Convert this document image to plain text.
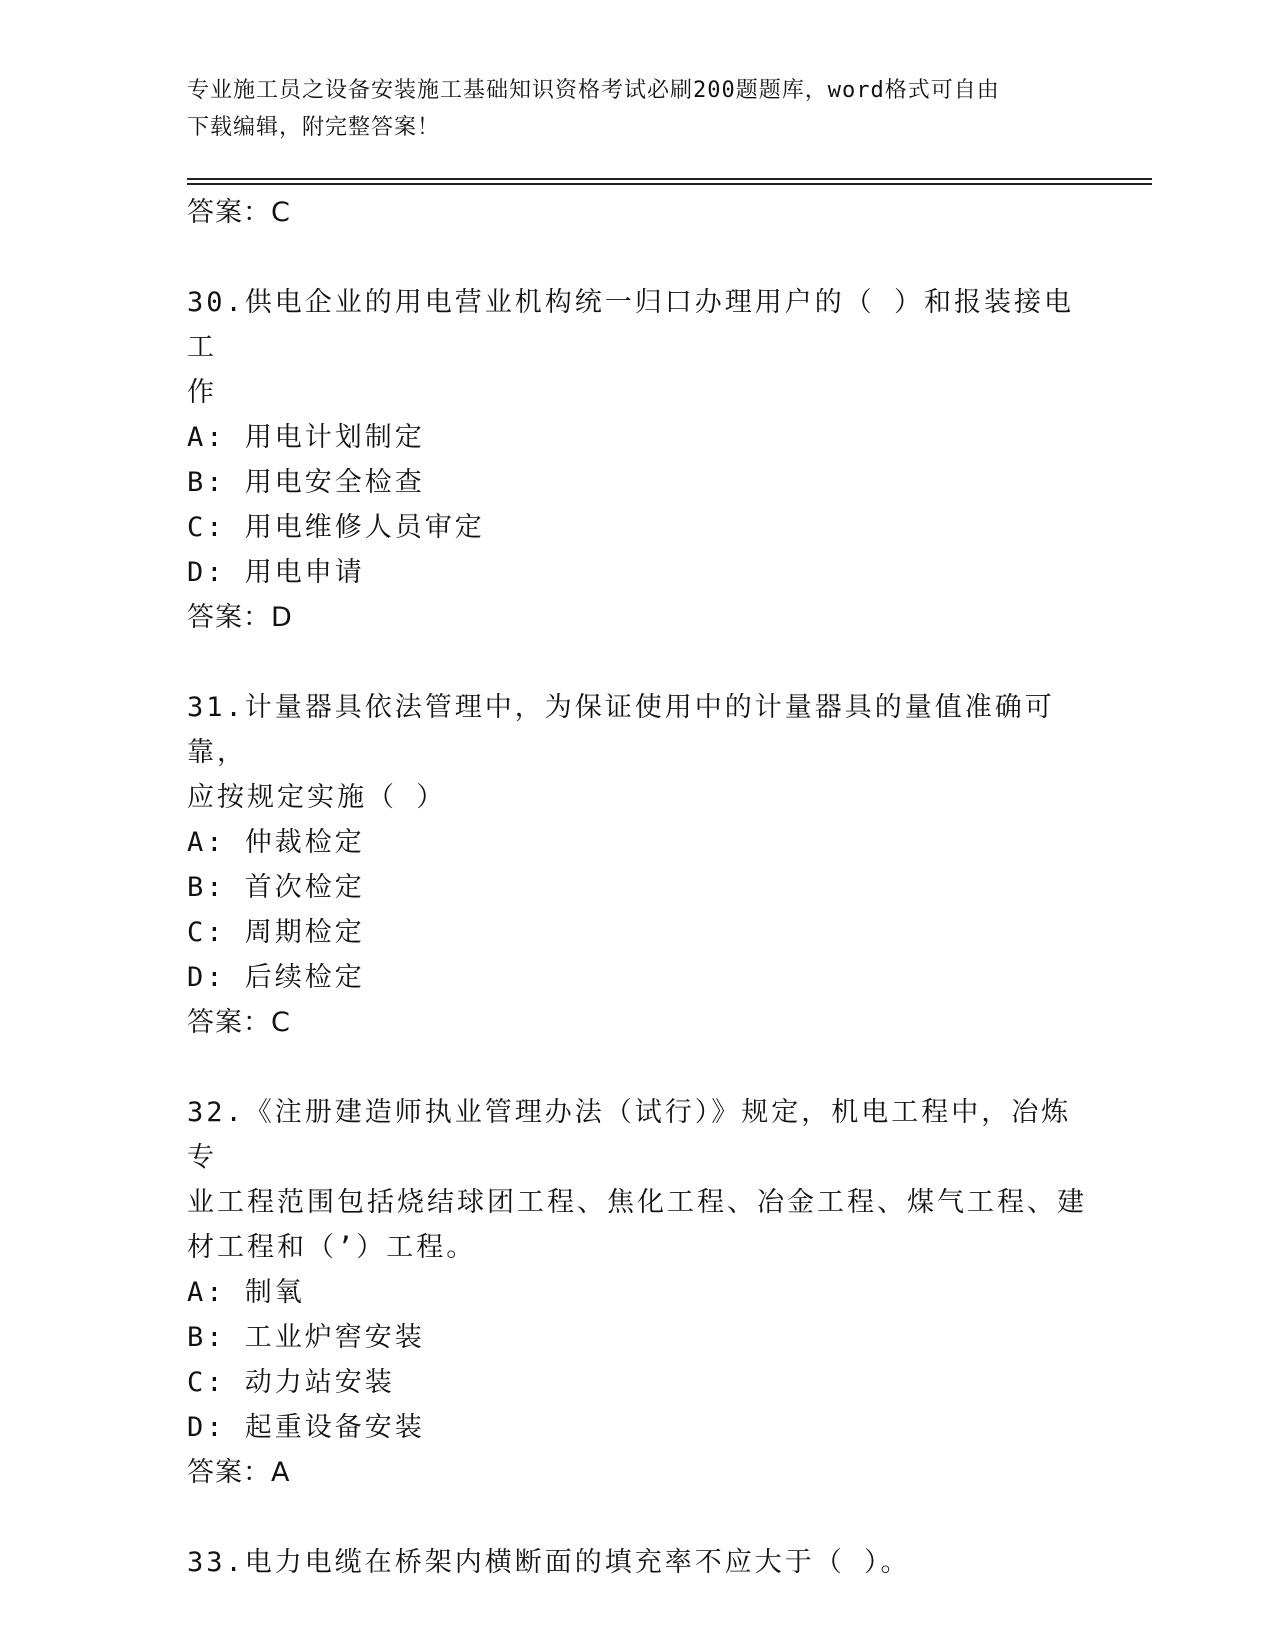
专业施工员之设备安装施工基础知识资格考试必刷200题题库，word格式可自由
下载编辑，附完整答案！
答案：C
30.供电企业的用电营业机构统一归口办理用户的（ ）和报装接电工
作
A: 用电计划制定
B: 用电安全检查
C: 用电维修人员审定
D: 用电申请
答案：D
31.计量器具依法管理中，为保证使用中的计量器具的量值准确可靠，
应按规定实施（ ）
A: 仲裁检定
B: 首次检定
C: 周期检定
D: 后续检定
答案：C
32.《注册建造师执业管理办法（试行）》规定，机电工程中，冶炼专
业工程范围包括烧结球团工程、焦化工程、冶金工程、煤气工程、建
材工程和（’）工程。
A: 制氧
B: 工业炉窖安装
C: 动力站安装
D: 起重设备安装
答案：A
33.电力电缆在桥架内横断面的填充率不应大于（ ）。
